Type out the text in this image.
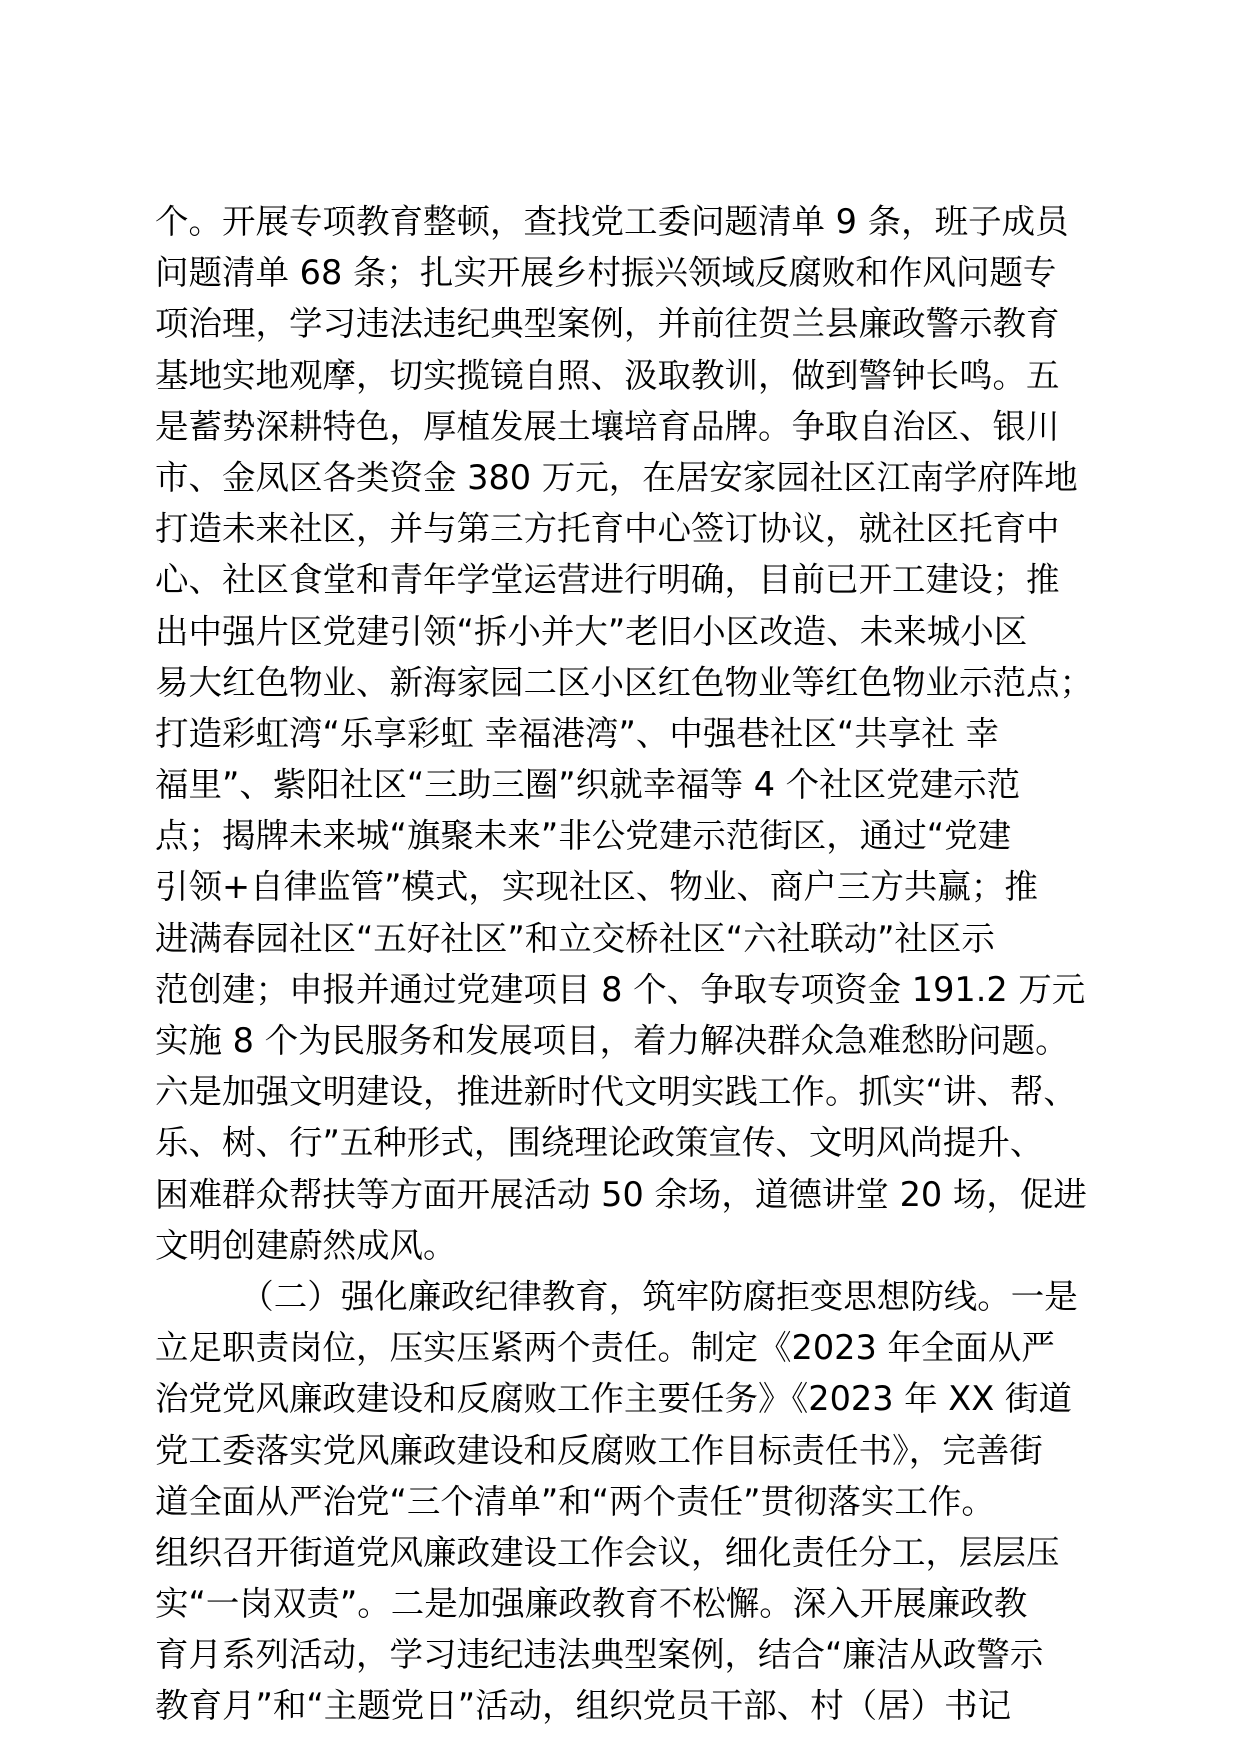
个。开展专项教育整顿，查找党工委问题清单 9 条，班子成员
问题清单 68 条；扎实开展乡村振兴领域反腐败和作风问题专
项治理，学习违法违纪典型案例，并前往贺兰县廉政警示教育
基地实地观摩，切实揽镜自照、汲取教训，做到警钟长鸣。五
是蓄势深耕特色，厚植发展土壤培育品牌。争取自治区、银川
市、金凤区各类资金 380 万元，在居安家园社区江南学府阵地
打造未来社区，并与第三方托育中心签订协议，就社区托育中
心、社区食堂和青年学堂运营进行明确，目前已开工建设；推
出中强片区党建引领“拆小并大”老旧小区改造、未来城小区
易大红色物业、新海家园二区小区红色物业等红色物业示范点；
打造彩虹湾“乐享彩虹 幸福港湾”、中强巷社区“共享社 幸
福里”、紫阳社区“三助三圈”织就幸福等 4 个社区党建示范
点；揭牌未来城“旗聚未来”非公党建示范街区，通过“党建
引领+自律监管”模式，实现社区、物业、商户三方共赢；推
进满春园社区“五好社区”和立交桥社区“六社联动”社区示
范创建；申报并通过党建项目 8 个、争取专项资金 191.2 万元
实施 8 个为民服务和发展项目，着力解决群众急难愁盼问题。
六是加强文明建设，推进新时代文明实践工作。抓实“讲、帮、
乐、树、行”五种形式，围绕理论政策宣传、文明风尚提升、
困难群众帮扶等方面开展活动 50 余场，道德讲堂 20 场，促进
文明创建蔚然成风。
（二）强化廉政纪律教育，筑牢防腐拒变思想防线。一是
立足职责岗位，压实压紧两个责任。制定《2023 年全面从严
治党党风廉政建设和反腐败工作主要任务》《2023 年 XX 街道
党工委落实党风廉政建设和反腐败工作目标责任书》，完善街
道全面从严治党“三个清单”和“两个责任”贯彻落实工作。
组织召开街道党风廉政建设工作会议，细化责任分工，层层压
实“一岗双责”。二是加强廉政教育不松懈。深入开展廉政教
育月系列活动，学习违纪违法典型案例，结合“廉洁从政警示
教育月”和“主题党日”活动，组织党员干部、村（居）书记
